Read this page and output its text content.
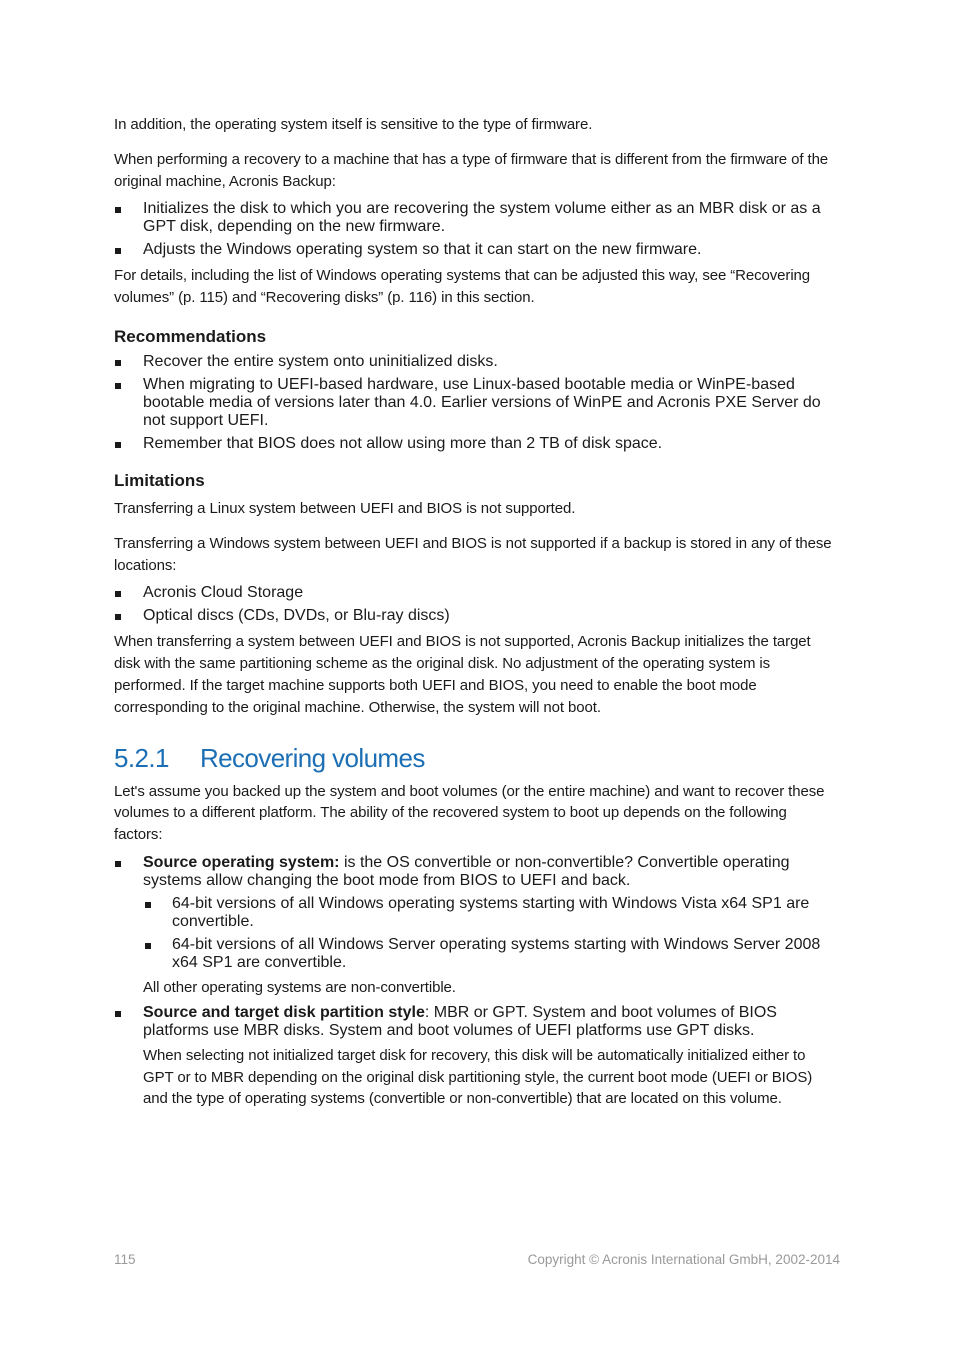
In addition, the operating system itself is sensitive to the type of firmware.

When performing a recovery to a machine that has a type of firmware that is different from the firmware of the original machine, Acronis Backup:

Initializes the disk to which you are recovering the system volume either as an MBR disk or as a GPT disk, depending on the new firmware.
Adjusts the Windows operating system so that it can start on the new firmware.

For details, including the list of Windows operating systems that can be adjusted this way, see “Recovering volumes” (p. 115) and “Recovering disks” (p. 116) in this section.

Recommendations
Recover the entire system onto uninitialized disks.
When migrating to UEFI-based hardware, use Linux-based bootable media or WinPE-based bootable media of versions later than 4.0. Earlier versions of WinPE and Acronis PXE Server do not support UEFI.
Remember that BIOS does not allow using more than 2 TB of disk space.
Limitations

Transferring a Linux system between UEFI and BIOS is not supported.

Transferring a Windows system between UEFI and BIOS is not supported if a backup is stored in any of these locations:

Acronis Cloud Storage
Optical discs (CDs, DVDs, or Blu-ray discs)

When transferring a system between UEFI and BIOS is not supported, Acronis Backup initializes the target disk with the same partitioning scheme as the original disk. No adjustment of the operating system is performed. If the target machine supports both UEFI and BIOS, you need to enable the boot mode corresponding to the original machine. Otherwise, the system will not boot.

5.2.1 Recovering volumes

Let's assume you backed up the system and boot volumes (or the entire machine) and want to recover these volumes to a different platform. The ability of the recovered system to boot up depends on the following factors:

Source operating system: is the OS convertible or non-convertible? Convertible operating systems allow changing the boot mode from BIOS to UEFI and back.
64-bit versions of all Windows operating systems starting with Windows Vista x64 SP1 are convertible.
64-bit versions of all Windows Server operating systems starting with Windows Server 2008 x64 SP1 are convertible.

All other operating systems are non-convertible.

Source and target disk partition style: MBR or GPT. System and boot volumes of BIOS platforms use MBR disks. System and boot volumes of UEFI platforms use GPT disks.

When selecting not initialized target disk for recovery, this disk will be automatically initialized either to GPT or to MBR depending on the original disk partitioning style, the current boot mode (UEFI or BIOS) and the type of operating systems (convertible or non-convertible) that are located on this volume.

115	Copyright © Acronis International GmbH, 2002-2014
